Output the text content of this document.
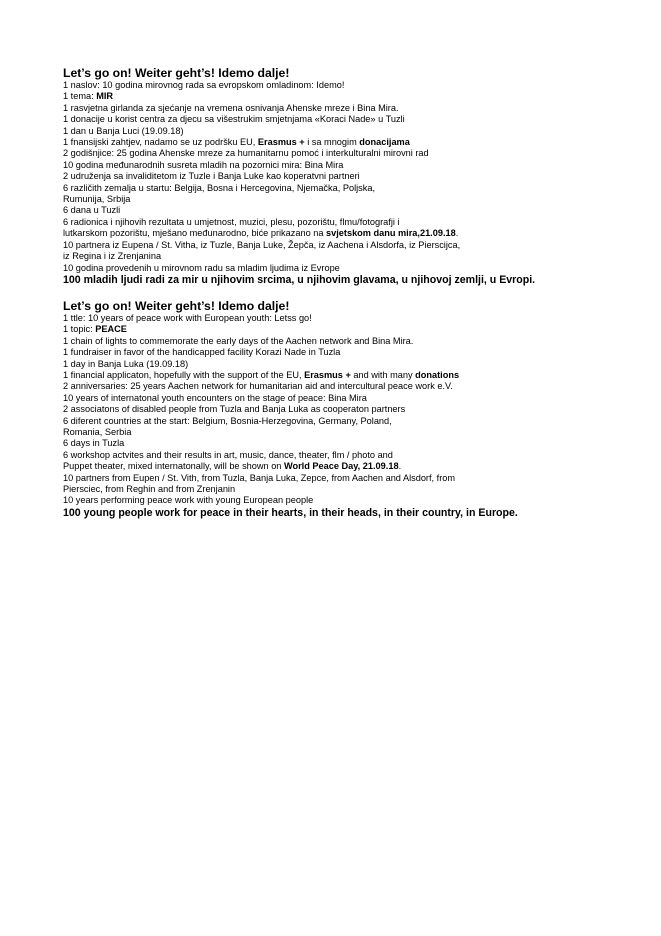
Let’s go on! Weiter geht’s! Idemo dalje!
1 naslov: 10 godina mirovnog rada sa evropskom omladinom: Idemo!
1 tema: MIR
1 rasvjetna girlanda za sjećanje na vremena osnivanja Ahenske mreze i Bina Mira.
1 donacije u korist centra za djecu sa višestrukim smjetnjama «Koraci Nade» u Tuzli
1 dan u Banja Luci (19.09.18)
1 fnansijski zahtjev, nadamo se uz podršku EU, Erasmus + i sa mnogim donacijama
2 godišnjice: 25 godina Ahenske mreze za humanitarnu pomoć i interkulturalni mirovni rad
10 godina međunarodnih susreta mladih na pozornici mira: Bina Mira
2 udruženja sa invaliditetom iz Tuzle i Banja Luke kao koperatvni partneri
6 različith zemalja u startu: Belgija, Bosna i Hercegovina, Njemačka, Poljska,
Rumunija, Srbija
6 dana u Tuzli
6 radionica i njihovih rezultata u umjetnost, muzici, plesu, pozorištu, flmu/fotografji i
lutkarskom pozorištu, mješano međunarodno, biće prikazano na svjetskom danu mira,21.09.18.
10 partnera iz Eupena / St. Vitha, iz Tuzle, Banja Luke, Žepča, iz Aachena i Alsdorfa, iz Pierscijca,
iz Regina i iz Zrenjanina
10 godina provedenih u mirovnom radu sa mladim ljudima iz Evrope
100 mladih ljudi radi za mir u njihovim srcima, u njihovim glavama, u njihovoj zemlji, u Evropi.
Let’s go on! Weiter geht’s! Idemo dalje!
1 ttle: 10 years of peace work with European youth: Letss go!
1 topic: PEACE
1 chain of lights to commemorate the early days of the Aachen network and Bina Mira.
1 fundraiser in favor of the handicapped facility Korazi Nade in Tuzla
1 day in Banja Luka (19.09.18)
1 financial applicaton, hopefully with the support of the EU, Erasmus + and with many donations
2 anniversaries: 25 years Aachen network for humanitarian aid and intercultural peace work e.V.
10 years of internatonal youth encounters on the stage of peace: Bina Mira
2 associatons of disabled people from Tuzla and Banja Luka as cooperaton partners
6 diferent countries at the start: Belgium, Bosnia-Herzegovina, Germany, Poland,
Romania, Serbia
6 days in Tuzla
6 workshop actvites and their results in art, music, dance, theater, flm / photo and
Puppet theater, mixed internatonally, will be shown on World Peace Day, 21.09.18.
10 partners from Eupen / St. Vith, from Tuzla, Banja Luka, Zepce, from Aachen and Alsdorf, from
Piersciec, from Reghin and from Zrenjanin
10 years performing peace work with young European people
100 young people work for peace in their hearts, in their heads, in their country, in Europe.
